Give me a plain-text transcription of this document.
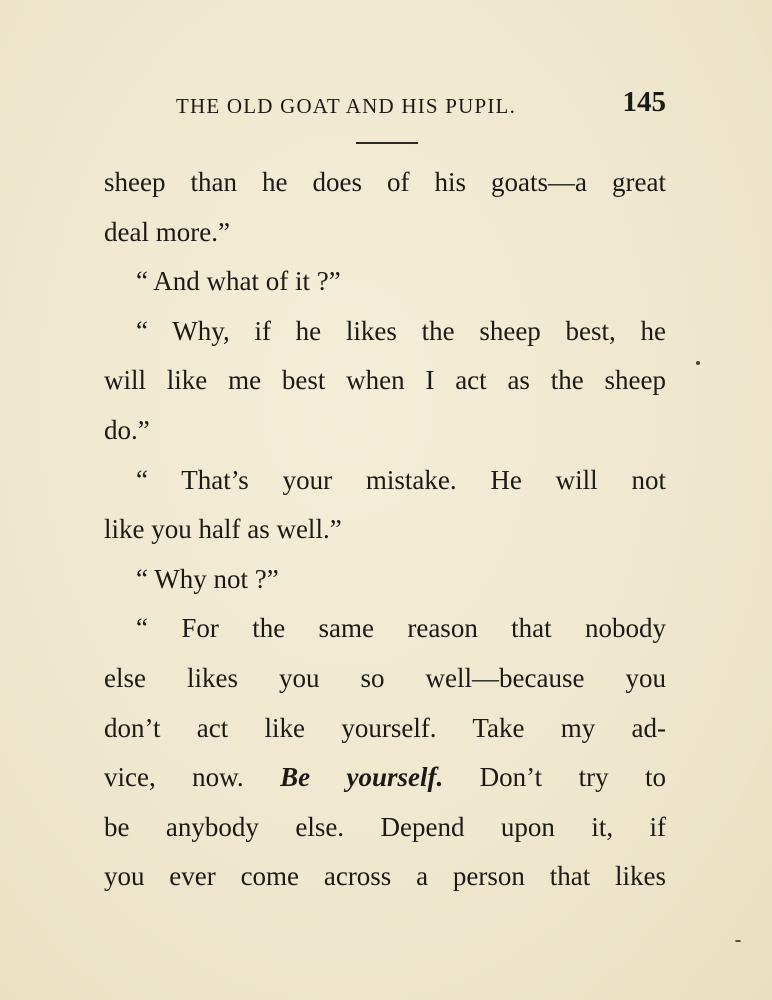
THE OLD GOAT AND HIS PUPIL.	145
sheep than he does of his goats—a great
deal more.”
“ And what of it ?”
“ Why, if he likes the sheep best, he
will like me best when I act as the sheep
do.”
“ That’s your mistake. He will not
like you half as well.”
“ Why not ?”
“ For the same reason that nobody
else likes you so well—because you
don’t act like yourself. Take my ad-
vice, now. Be yourself. Don’t try to
be anybody else. Depend upon it, if
you ever come across a person that likes
